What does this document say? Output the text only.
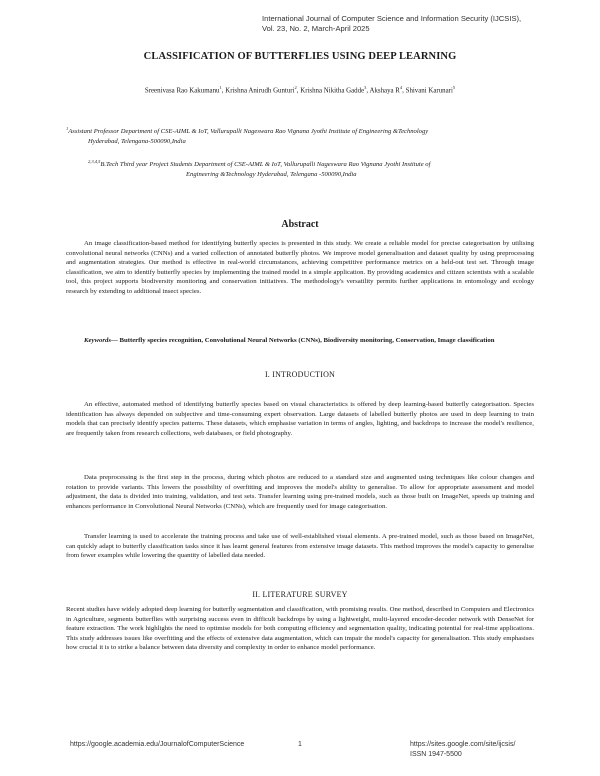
International Journal of Computer Science and Information Security (IJCSIS),
Vol. 23, No. 2, March-April 2025
CLASSIFICATION OF BUTTERFLIES USING DEEP LEARNING
Sreenivasa Rao Kakumanu$^1$, Krishna Anirudh Gunturi$^2$, Krishna Nikitha Gadde$^3$, Akshaya $R^4$, Shivani Karunari$^5$
$^1$Assistant Professor Department of CSE-AIML & IoT, Vallurupalli Nageswara Rao Vignana Jyothi Institute of Engineering &Technology
Hyderabad, Telengana-500090,India
$^{2,3,4,5}$B.Tech Third year Project Students Department of CSE-AIML & IoT, Vallurupalli Nageswara Rao Vignana Jyothi Institute of
Engineering &Technology Hyderabad, Telengana -500090,India
Abstract

An image classification-based method for identifying butterfly species is presented in this study. We create a reliable model for precise categorisation by utilising convolutional neural networks (CNNs) and a varied collection of annotated butterfly photos. We improve model generalisation and dataset quality by using preprocessing and augmentation strategies. Our method is effective in real-world circumstances, achieving competitive performance metrics on a held-out test set. Through image classification, we aim to identify butterfly species by implementing the trained model in a simple application. By providing academics and citizen scientists with a scalable tool, this project supports biodiversity monitoring and conservation initiatives. The methodology's versatility permits further applications in entomology and ecology research by extending to additional insect species.

Keywords— Butterfly species recognition, Convolutional Neural Networks (CNNs), Biodiversity monitoring, Conservation, Image classification

I. INTRODUCTION

An effective, automated method of identifying butterfly species based on visual characteristics is offered by deep learning-based butterfly categorisation. Species identification has always depended on subjective and time-consuming expert observation. Large datasets of labelled butterfly photos are used in deep learning to train models that can precisely identify species patterns. These datasets, which emphasise variation in terms of angles, lighting, and backdrops to increase the model's resilience, are frequently taken from research collections, web databases, or field photography.

Data preprocessing is the first step in the process, during which photos are reduced to a standard size and augmented using techniques like colour changes and rotation to provide variants. This lowers the possibility of overfitting and improves the model's ability to generalise. To allow for appropriate assessment and model adjustment, the data is divided into training, validation, and test sets. Transfer learning using pre-trained models, such as those built on ImageNet, speeds up training and enhances performance in Convolutional Neural Networks (CNNs), which are frequently used for image categorisation.

Transfer learning is used to accelerate the training process and take use of well-established visual elements. A pre-trained model, such as those based on ImageNet, can quickly adapt to butterfly classification tasks since it has learnt general features from extensive image datasets. This method improves the model's capacity to generalise from fewer examples while lowering the quantity of labelled data needed.

II. LITERATURE SURVEY

Recent studies have widely adopted deep learning for butterfly segmentation and classification, with promising results. One method, described in Computers and Electronics in Agriculture, segments butterflies with surprising success even in difficult backdrops by using a lightweight, multi-layered encoder-decoder network with DenseNet for feature extraction. The work highlights the need to optimise models for both computing efficiency and segmentation quality, indicating potential for real-time applications. This study addresses issues like overfitting and the effects of extensive data augmentation, which can impair the model's capacity for generalisation. This study emphasises how crucial it is to strike a balance between data diversity and complexity in order to enhance model performance.

https://google.academia.edu/JournalofComputerScience	1	https://sites.google.com/site/ijcsis/
ISSN 1947-5500
